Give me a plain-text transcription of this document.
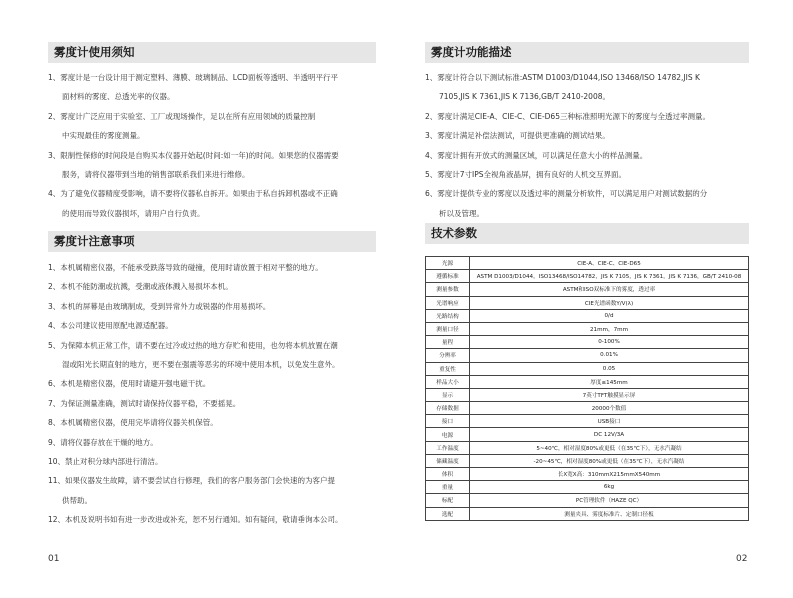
雾度计使用须知
1、雾度计是一台设计用于测定塑料、薄膜、玻璃制品、LCD面板等透明、半透明平行平
面材料的雾度、总透光率的仪器。
2、雾度计广泛应用于实验室、工厂或现场操作，足以在所有应用领域的质量控制
中实现最佳的雾度测量。
3、限制性保修的时间段是自购买本仪器开始起(时间:如一年)的时间。如果您的仪器需要
服务，请将仪器带到当地的销售部联系我们来进行维修。
4、为了避免仪器精度受影响，请不要将仪器私自拆开。如果由于私自拆卸机器或不正确
的使用而导致仪器损坏，请用户自行负责。
雾度计注意事项
1、本机属精密仪器，不能承受跌落导致的碰撞，使用时请放置于相对平整的地方。
2、本机不能防潮或抗溅，受潮或液体溅入易损坏本机。
3、本机的屏幕是由玻璃制成，受到异常外力或锐器的作用易损坏。
4、本公司建议使用原配电源适配器。
5、为保障本机正常工作，请不要在过冷或过热的地方存贮和使用，也勿将本机放置在潮
湿或阳光长期直射的地方，更不要在强震等恶劣的环境中使用本机，以免发生意外。
6、本机是精密仪器，使用时请避开强电磁干扰。
7、为保证测量准确，测试时请保持仪器平稳，不要摇晃。
8、本机属精密仪器，使用完毕请将仪器关机保管。
9、请将仪器存放在干燥的地方。
10、禁止对积分球内部进行清洁。
11、如果仪器发生故障，请不要尝试自行修理，我们的客户服务部门会快速的为客户提
供帮助。
12、本机及说明书如有进一步改进或补充，恕不另行通知。如有疑问，敬请垂询本公司。
雾度计功能描述
1、雾度计符合以下测试标准:ASTM D1003/D1044,ISO 13468/ISO 14782,JIS K
7105,JIS K 7361,JIS K 7136,GB/T 2410-2008。
2、雾度计满足CIE-A、CIE-C、CIE-D65三种标准照明光源下的雾度与全透过率测量。
3、雾度计满足补偿法测试，可提供更准确的测试结果。
4、雾度计拥有开放式的测量区域，可以满足任意大小的样品测量。
5、雾度计7寸IPS全视角液晶屏，拥有良好的人机交互界面。
6、雾度计提供专业的雾度以及透过率的测量分析软件，可以满足用户对测试数据的分
析以及管理。
技术参数
光源	CIE-A、CIE-C、CIE-D65
遵循标准	ASTM D1003/D1044，ISO13468/ISO14782，JIS K 7105，JIS K 7361，JIS K 7136，GB/T 2410-08
测量参数	ASTM和ISO双标准下的雾度，透过率
光谱响应	CIE光谱函数Y/V(λ)
光路结构	0/d
测量口径	21mm，7mm
量程	0-100%
分辨率	0.01%
重复性	0.05
样品大小	厚度≤145mm
显示	7英寸TFT触摸显示屏
存储数据	20000个数值
接口	USB接口
电源	DC 12V/3A
工作温度	5~40℃，相对湿度80%或更低（在35℃下），无水汽凝结
储藏温度	-20~45℃，相对湿度80%或更低（在35℃下），无水汽凝结
体积	长X宽X高：310mmX215mmX540mm
重量	6kg
标配	PC管理软件（HAZE QC）
选配	测量夹具、雾度标准片、定制口径板
01	02
